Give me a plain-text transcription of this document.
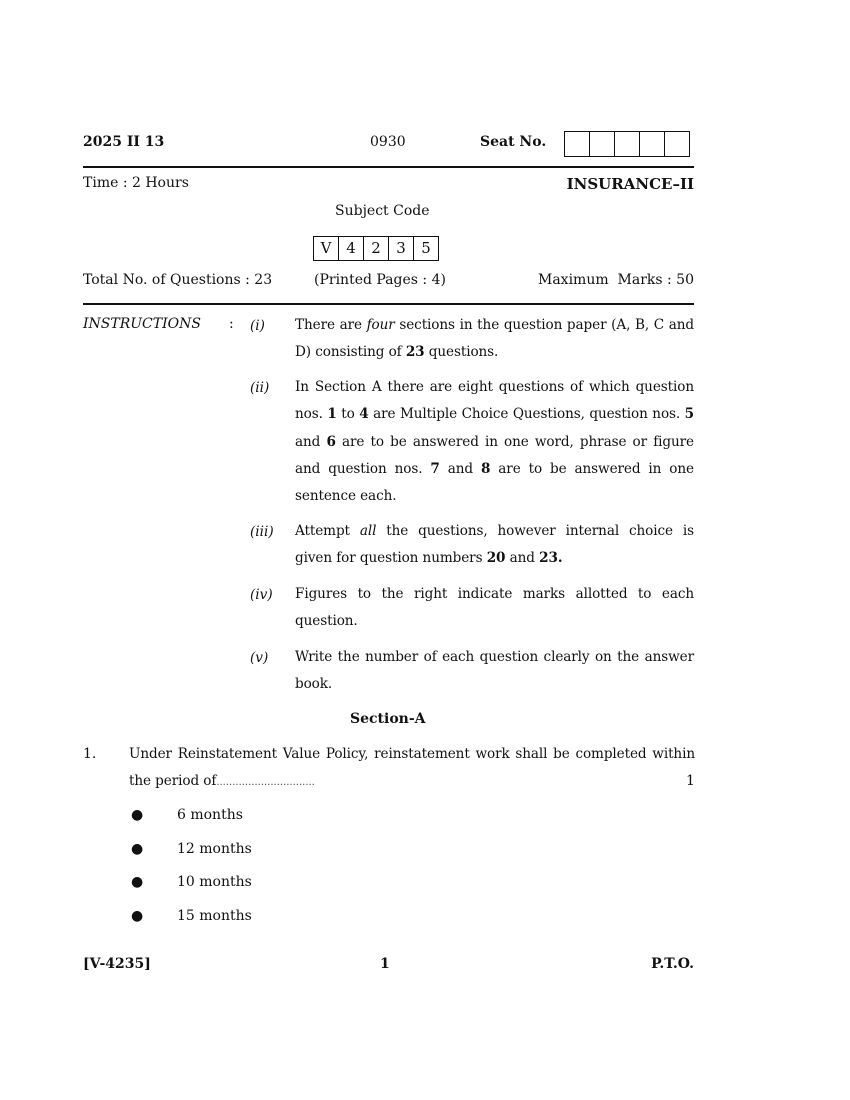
2025 II 13	0930	Seat No.
Time : 2 Hours	INSURANCE–II
Subject Code
V 4	2	3	5
Total No. of Questions : 23	(Printed Pages : 4)	Maximum  Marks : 50
INSTRUCTIONS : (i) There are four sections in the question paper (A, B, C and D) consisting of 23 questions.
(ii) In Section A there are eight questions of which question nos. 1 to 4 are Multiple Choice Questions, question nos. 5 and 6 are to be answered in one word, phrase or figure and question nos. 7 and 8 are to be answered in one sentence each.
(iii) Attempt all the questions, however internal choice is given for question numbers 20 and 23.
(iv) Figures to the right indicate marks allotted to each question.
(v) Write the number of each question clearly on the answer book.
Section-A
1. Under Reinstatement Value Policy, reinstatement work shall be completed within the period of...............................	1
● 6 months
● 12 months
● 10 months
● 15 months
[V-4235]	1	P.T.O.
